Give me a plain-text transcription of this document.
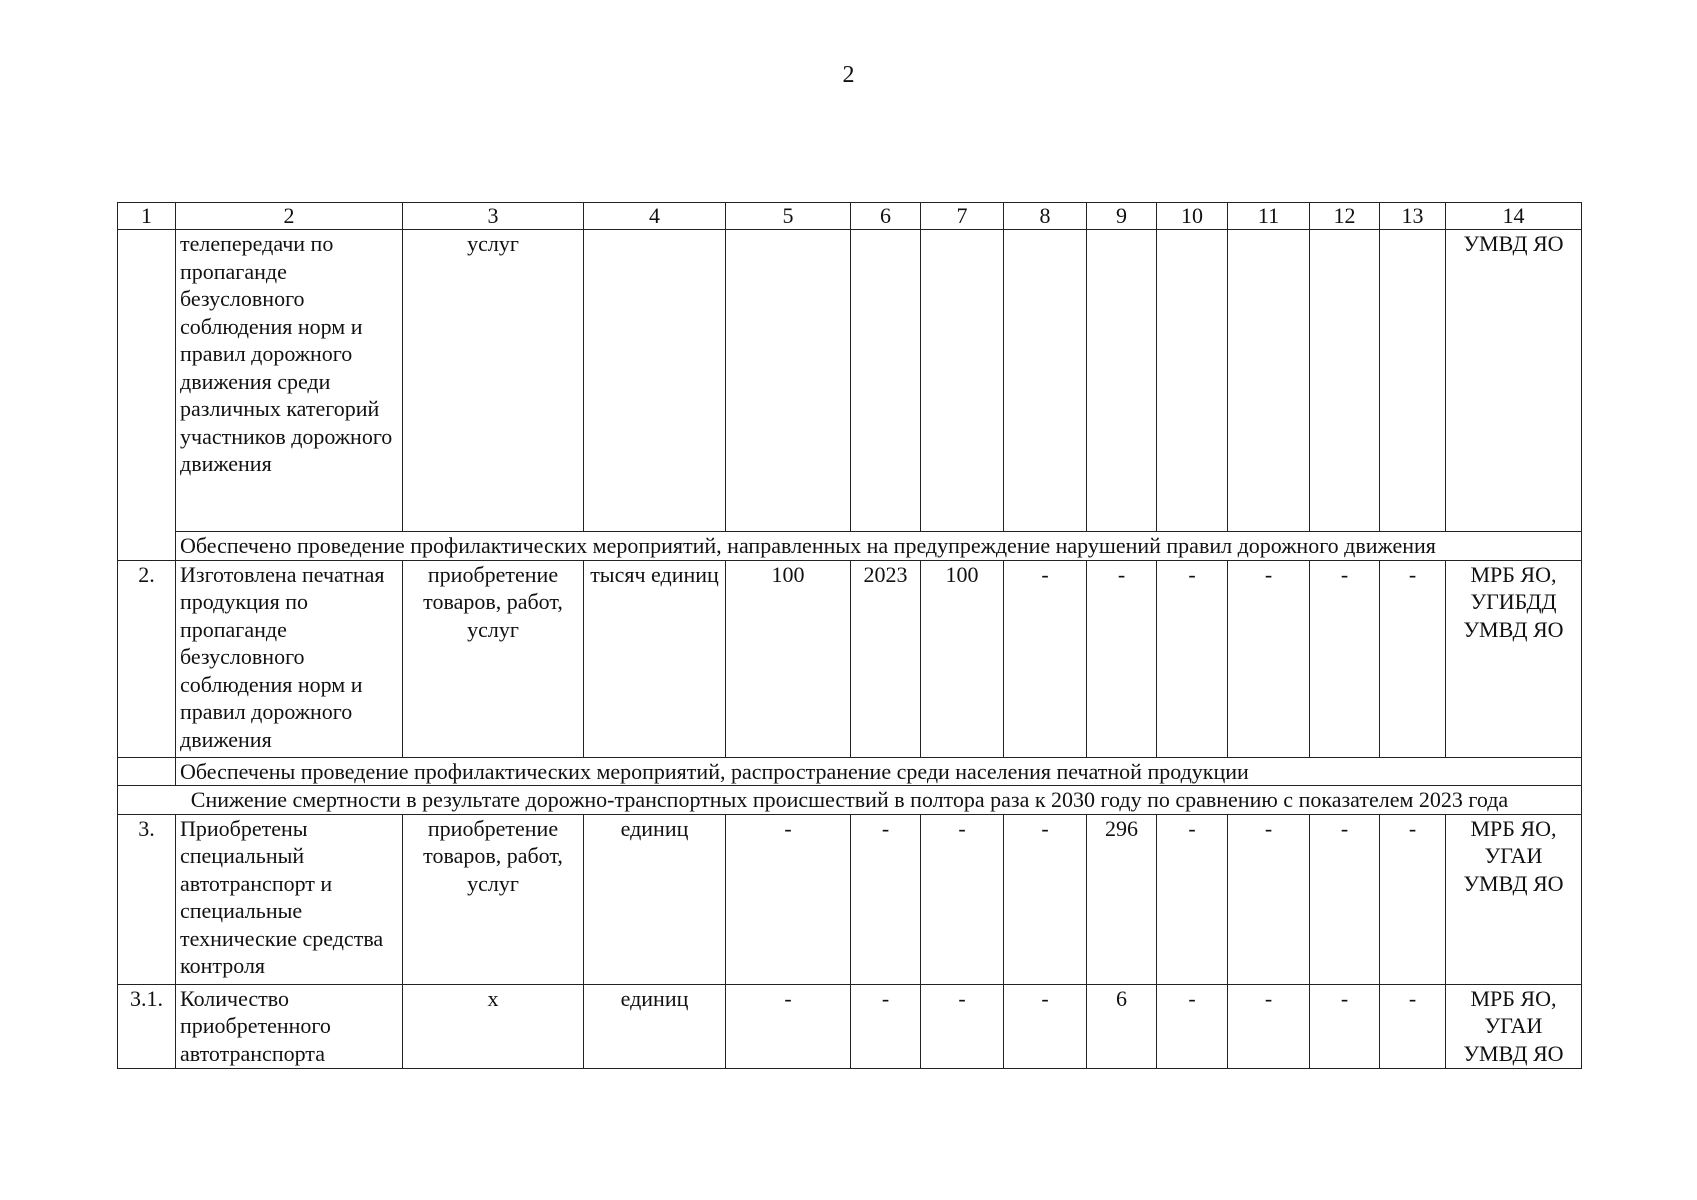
2
1	2	3	4	5	6	7	8	9	10	11	12	13	14
	телепередачи по пропаганде безусловного соблюдения норм и правил дорожного движения среди различных категорий участников дорожного движения	услуг											УМВД ЯО
	Обеспечено проведение профилактических мероприятий, направленных на предупреждение нарушений правил дорожного движения												
2.	Изготовлена печатная продукция по пропаганде безусловного соблюдения норм и правил дорожного движения	приобретение товаров, работ, услуг	тысяч единиц	100	2023	100	-	-	-	-	-	-	МРБ ЯО, УГИБДД УМВД ЯО
	Обеспечены проведение профилактических мероприятий, распространение среди населения печатной продукции												
Снижение смертности в результате дорожно-транспортных происшествий в полтора раза к 2030 году по сравнению с показателем 2023 года													
3.	Приобретены специальный автотранспорт и специальные технические средства контроля	приобретение товаров, работ, услуг	единиц	-	-	-	-	296	-	-	-	-	МРБ ЯО, УГАИ УМВД ЯО
3.1.	Количество приобретенного автотранспорта	х	единиц	-	-	-	-	6	-	-	-	-	МРБ ЯО, УГАИ УМВД ЯО
